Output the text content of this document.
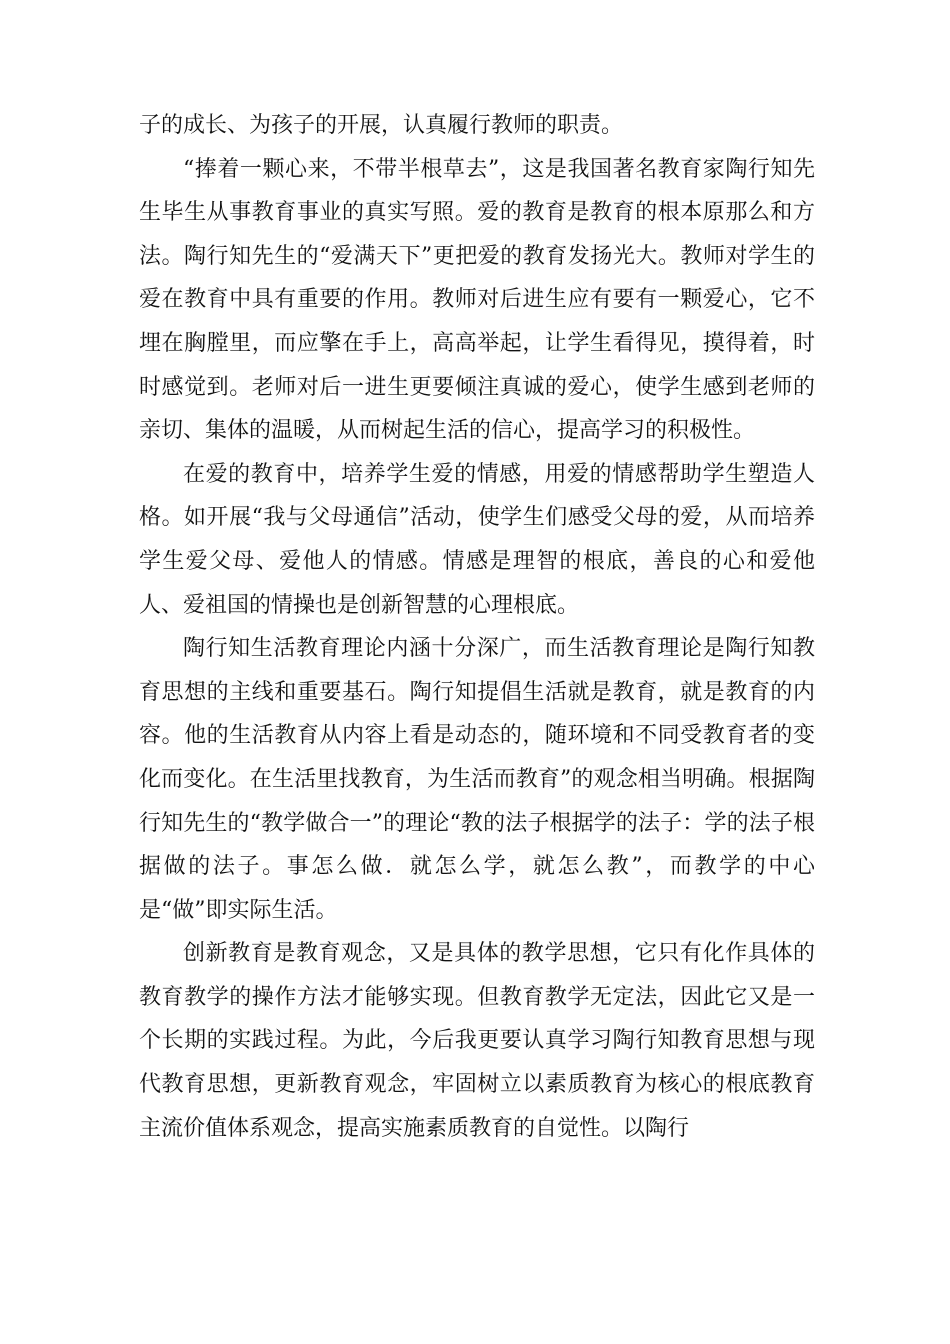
子的成长、为孩子的开展，认真履行教师的职责。

“捧着一颗心来，不带半根草去”，这是我国著名教育家陶行知先生毕生从事教育事业的真实写照。爱的教育是教育的根本原那么和方法。陶行知先生的“爱满天下”更把爱的教育发扬光大。教师对学生的爱在教育中具有重要的作用。教师对后进生应有要有一颗爱心，它不埋在胸膛里，而应擎在手上，高高举起，让学生看得见，摸得着，时时感觉到。老师对后一进生更要倾注真诚的爱心，使学生感到老师的亲切、集体的温暖，从而树起生活的信心，提高学习的积极性。

在爱的教育中，培养学生爱的情感，用爱的情感帮助学生塑造人格。如开展“我与父母通信”活动，使学生们感受父母的爱，从而培养学生爱父母、爱他人的情感。情感是理智的根底，善良的心和爱他人、爱祖国的情操也是创新智慧的心理根底。

陶行知生活教育理论内涵十分深广，而生活教育理论是陶行知教育思想的主线和重要基石。陶行知提倡生活就是教育，就是教育的内容。他的生活教育从内容上看是动态的，随环境和不同受教育者的变化而变化。在生活里找教育，为生活而教育”的观念相当明确。根据陶行知先生的“教学做合一”的理论“教的法子根据学的法子：学的法子根据做的法子。事怎么做．就怎么学，就怎么教”，而教学的中心是“做”即实际生活。

创新教育是教育观念，又是具体的教学思想，它只有化作具体的教育教学的操作方法才能够实现。但教育教学无定法，因此它又是一个长期的实践过程。为此，今后我更要认真学习陶行知教育思想与现代教育思想，更新教育观念，牢固树立以素质教育为核心的根底教育主流价值体系观念，提高实施素质教育的自觉性。以陶行
